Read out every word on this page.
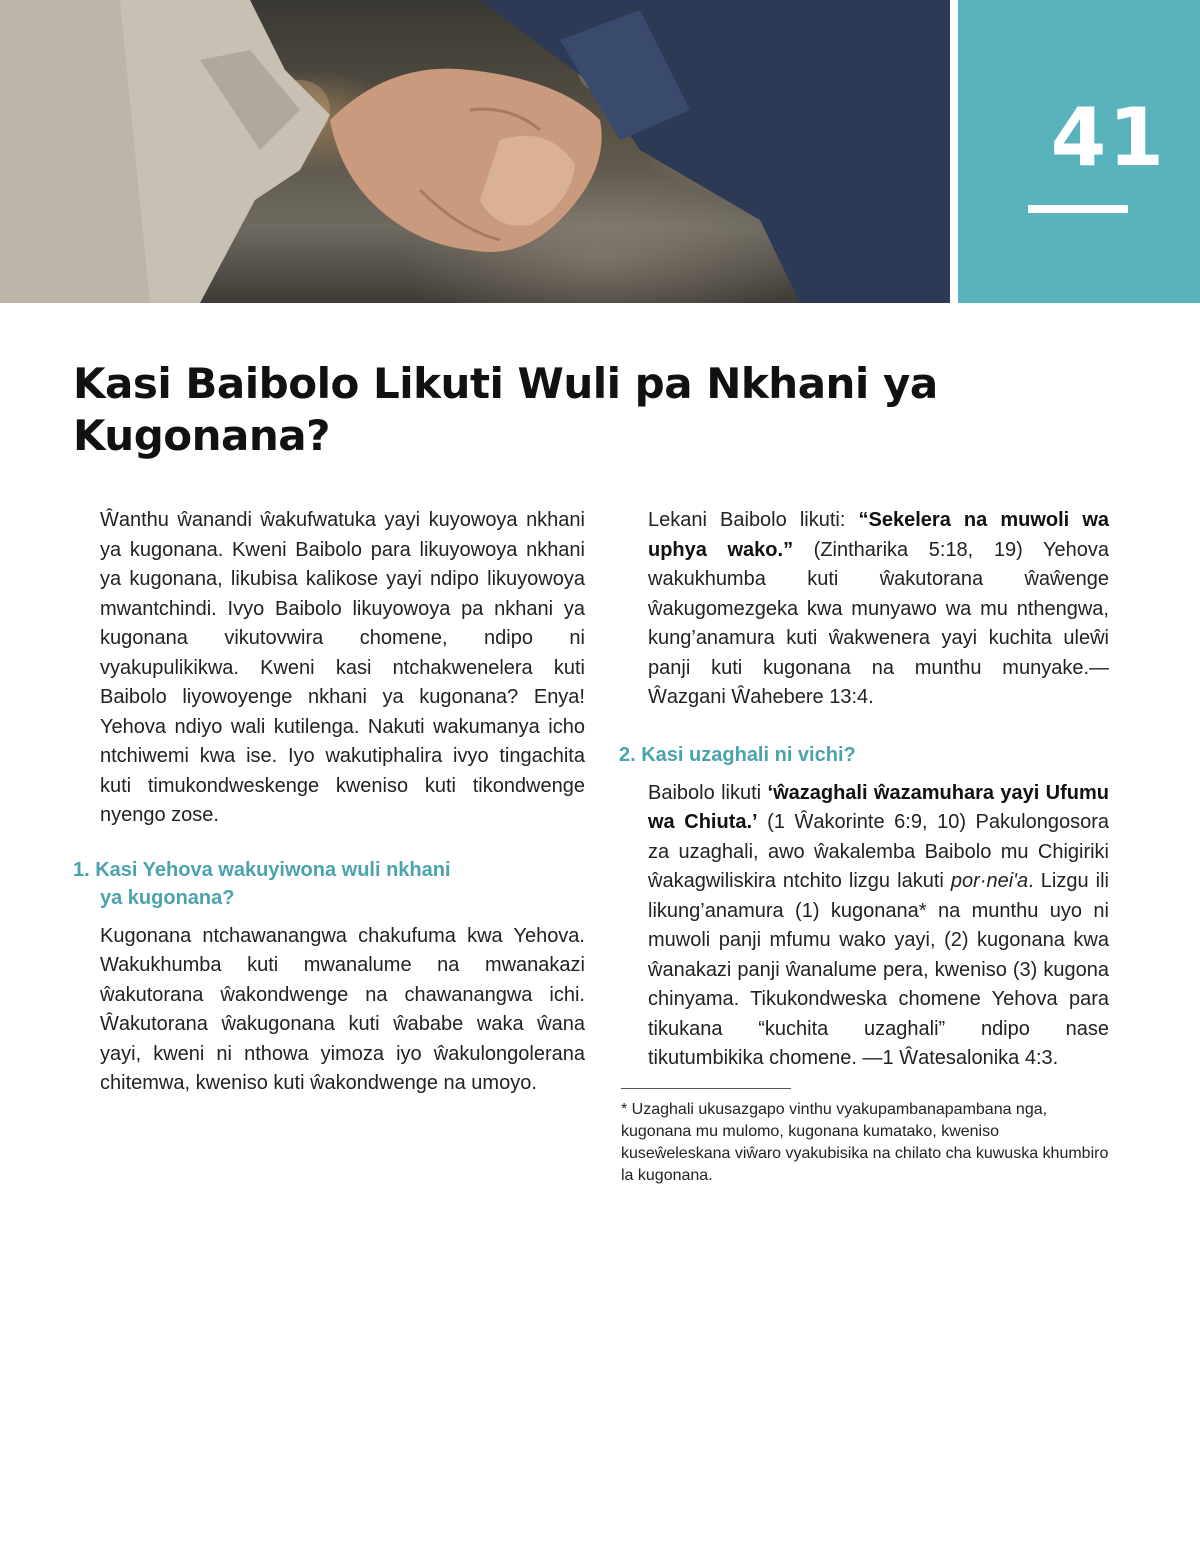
41
Kasi Baibolo Likuti Wuli pa Nkhani ya Kugonana?

Ŵanthu ŵanandi ŵakufwatuka yayi kuyowoya nkhani ya kugonana. Kweni Baibolo para likuyowoya nkhani ya kugonana, likubisa kalikose yayi ndipo likuyowoya mwantchindi. Ivyo Baibolo likuyowoya pa nkhani ya kugonana vikutovwira chomene, ndipo ni vyakupulikikwa. Kweni kasi ntchakwenelera kuti Baibolo liyowoyenge nkhani ya kugonana? Enya! Yehova ndiyo wali kutilenga. Nakuti wakumanya icho ntchiwemi kwa ise. Iyo wakutiphalira ivyo tingachita kuti timukondweskenge kweniso kuti tikondwenge nyengo zose.

1. Kasi Yehova wakuyiwona wuli nkhani
ya kugonana?

Kugonana ntchawanangwa chakufuma kwa Yehova. Wakukhumba kuti mwanalume na mwanakazi ŵakutorana ŵakondwenge na chawanangwa ichi. Ŵakutorana ŵakugonana kuti ŵababe waka ŵana yayi, kweni ni nthowa yimoza iyo ŵakulongolerana chitemwa, kweniso kuti ŵakondwenge na umoyo.

Lekani Baibolo likuti: “Sekelera na muwoli wa uphya wako.” (Zintharika 5:18, 19) Yehova wakukhumba kuti ŵakutorana ŵaŵenge ŵakugomezgeka kwa munyawo wa mu nthengwa, kung’anamura kuti ŵakwenera yayi kuchita uleŵi panji kuti kugonana na munthu munyake.—Ŵazgani Ŵahebere 13:4.

2. Kasi uzaghali ni vichi?

Baibolo likuti ‘ŵazaghali ŵazamuhara yayi Ufumu wa Chiuta.’ (1 Ŵakorinte 6:9, 10) Pakulongosora za uzaghali, awo ŵakalemba Baibolo mu Chigiriki ŵakagwiliskira ntchito lizgu lakuti por·neiʹa. Lizgu ili likung’anamura (1) kugonana* na munthu uyo ni muwoli panji mfumu wako yayi, (2) kugonana kwa ŵanakazi panji ŵanalume pera, kweniso (3) kugona chinyama. Tikukondweska chomene Yehova para tikukana “kuchita uzaghali” ndipo nase tikutumbikika chomene. —1 Ŵatesalonika 4:3.

* Uzaghali ukusazgapo vinthu vyakupambanapambana nga, kugonana mu mulomo, kugonana kumatako, kweniso kuseŵeleskana viŵaro vyakubisika na chilato cha kuwuska khumbiro la kugonana.
